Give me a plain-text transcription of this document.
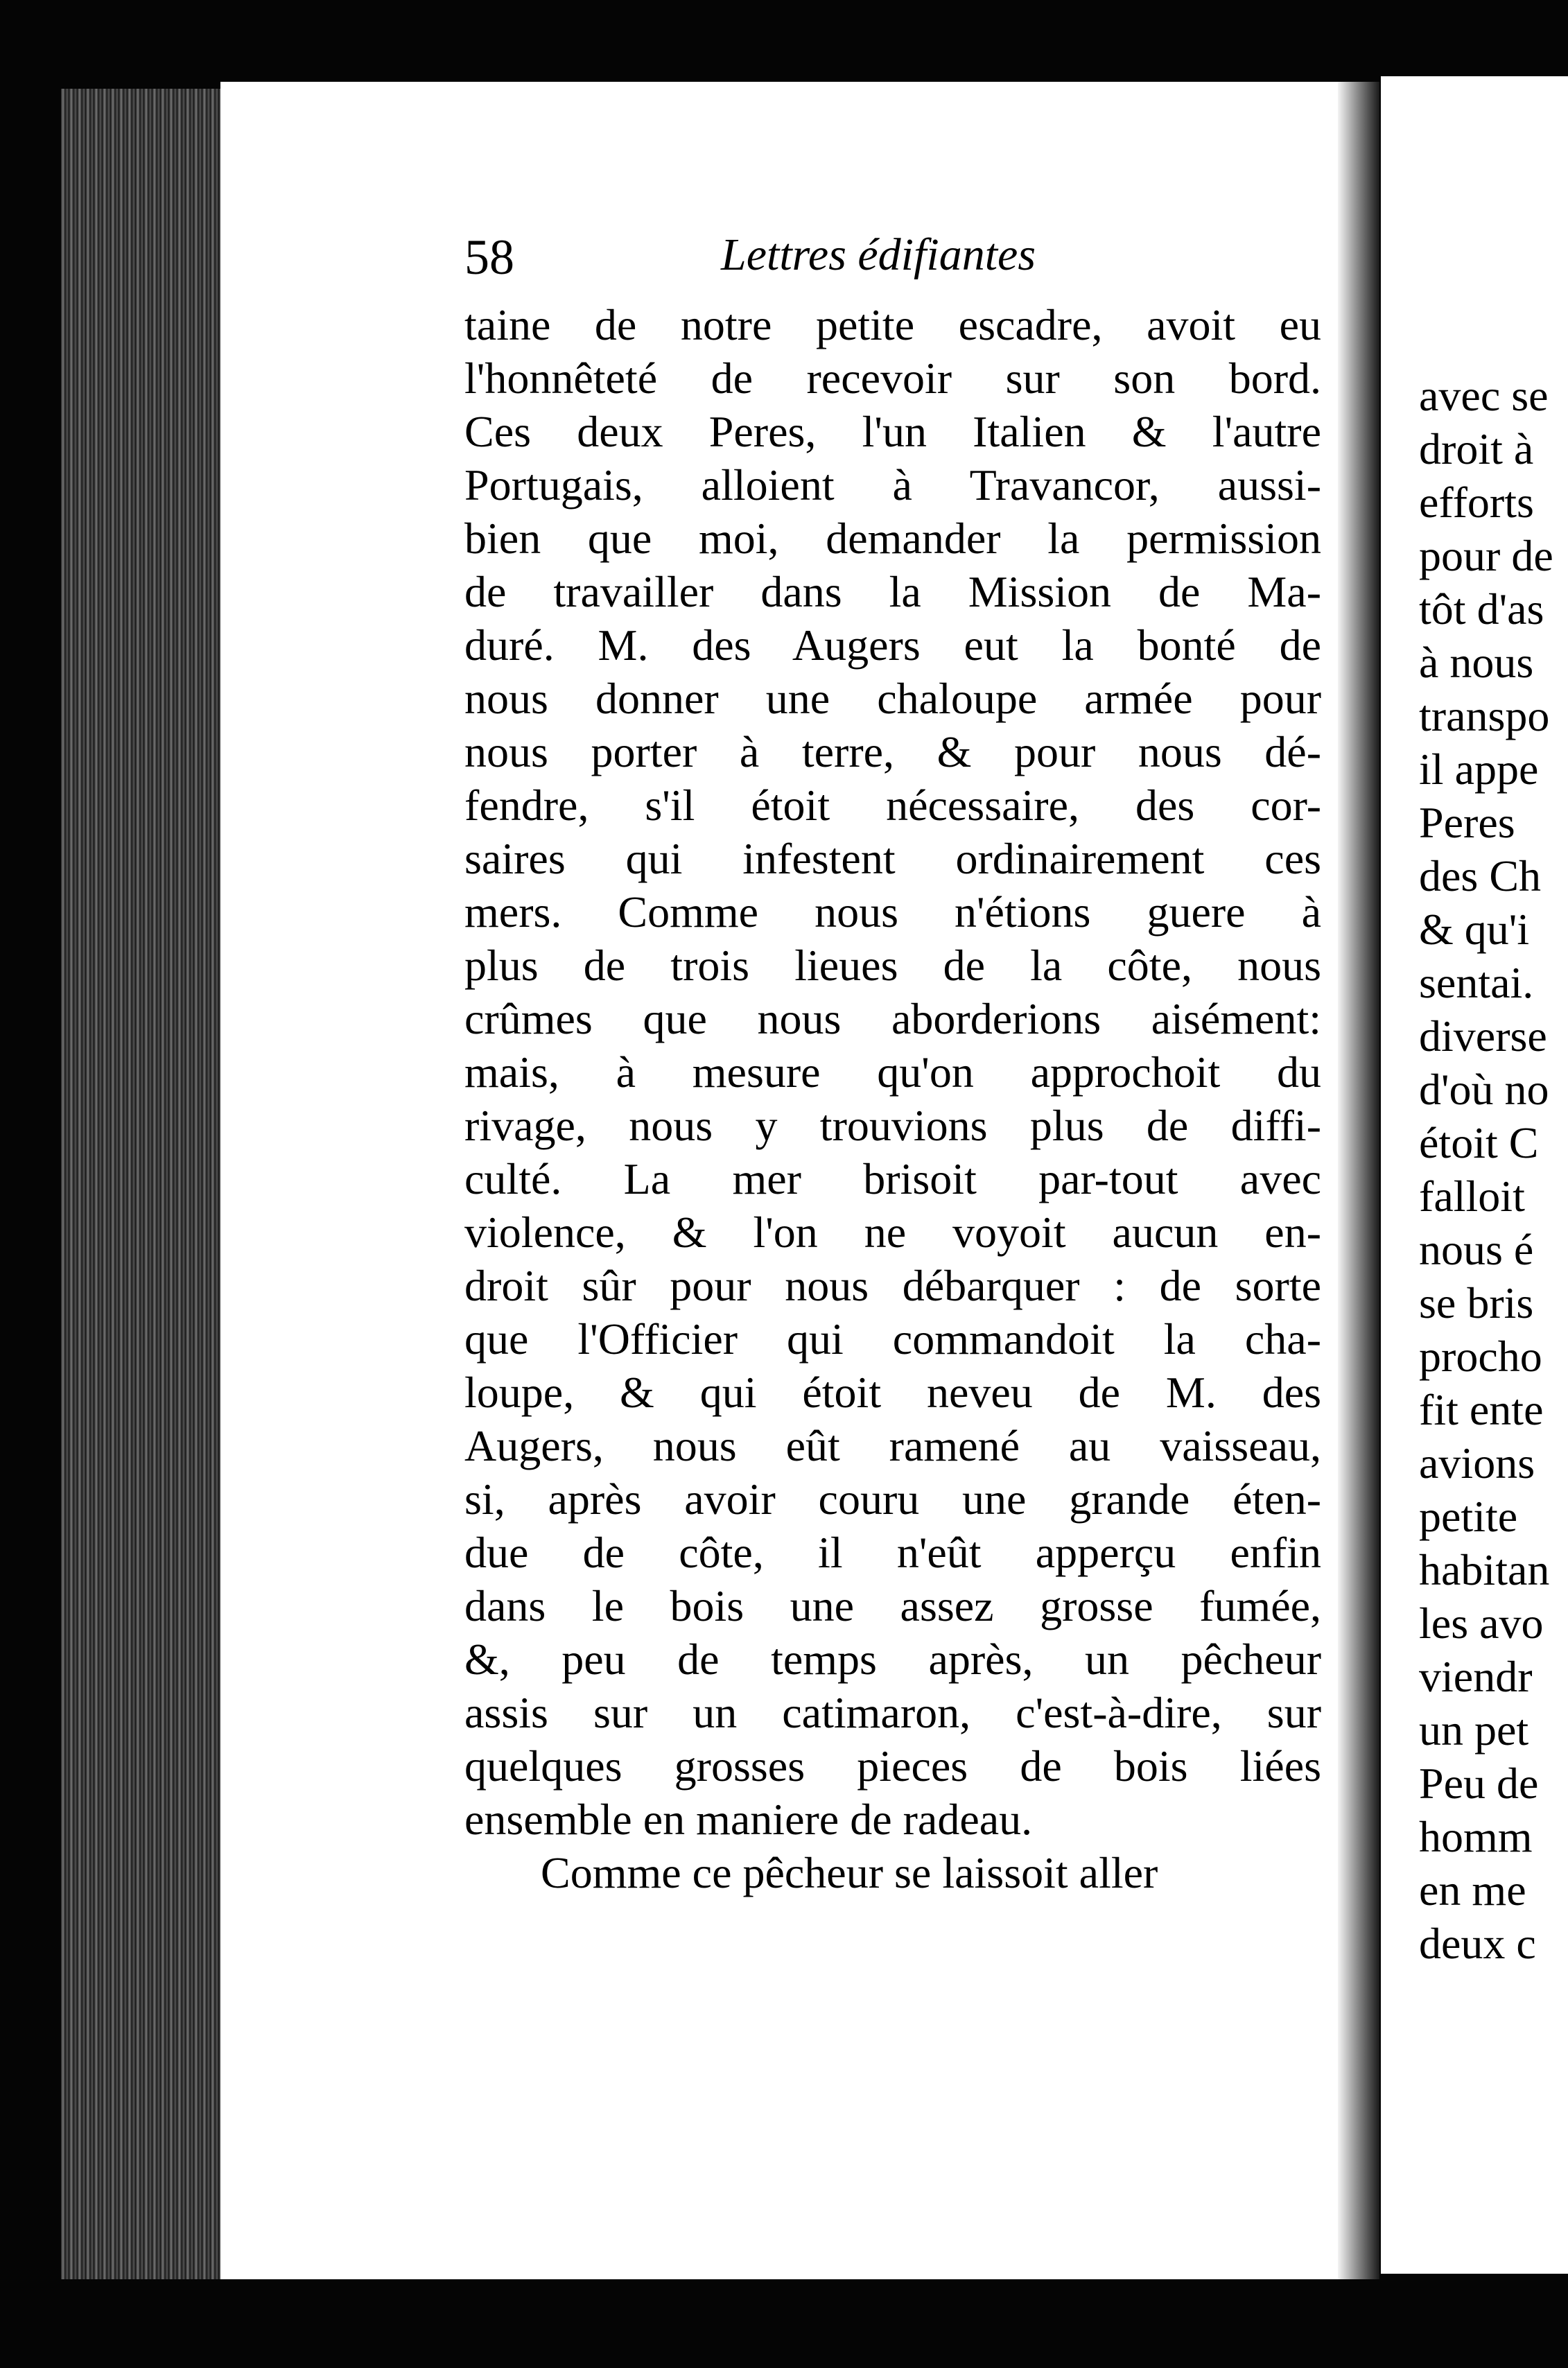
avec se
droit à
efforts
pour de
tôt d'as
à nous
transpo
il appe
Peres
des Ch
& qu'i
sentai.
diverse
d'où no
étoit C
falloit
nous é
se bris
procho
fit ente
avions
petite
habitan
les avo
viendr
un pet
Peu de
homm
en me
deux c
58	Lettres édifiantes
taine de notre petite escadre, avoit eu
l'honnêteté de recevoir sur son bord.
Ces deux Peres, l'un Italien & l'autre
Portugais, alloient à Travancor, aussi-
bien que moi, demander la permission
de travailler dans la Mission de Ma-
duré. M. des Augers eut la bonté de
nous donner une chaloupe armée pour
nous porter à terre, & pour nous dé-
fendre, s'il étoit nécessaire, des cor-
saires qui infestent ordinairement ces
mers. Comme nous n'étions guere à
plus de trois lieues de la côte, nous
crûmes que nous aborderions aisément:
mais, à mesure qu'on approchoit du
rivage, nous y trouvions plus de diffi-
culté. La mer brisoit par-tout avec
violence, & l'on ne voyoit aucun en-
droit sûr pour nous débarquer : de sorte
que l'Officier qui commandoit la cha-
loupe, & qui étoit neveu de M. des
Augers, nous eût ramené au vaisseau,
si, après avoir couru une grande éten-
due de côte, il n'eût apperçu enfin
dans le bois une assez grosse fumée,
&, peu de temps après, un pêcheur
assis sur un catimaron, c'est-à-dire, sur
quelques grosses pieces de bois liées
ensemble en maniere de radeau.
Comme ce pêcheur se laissoit aller
